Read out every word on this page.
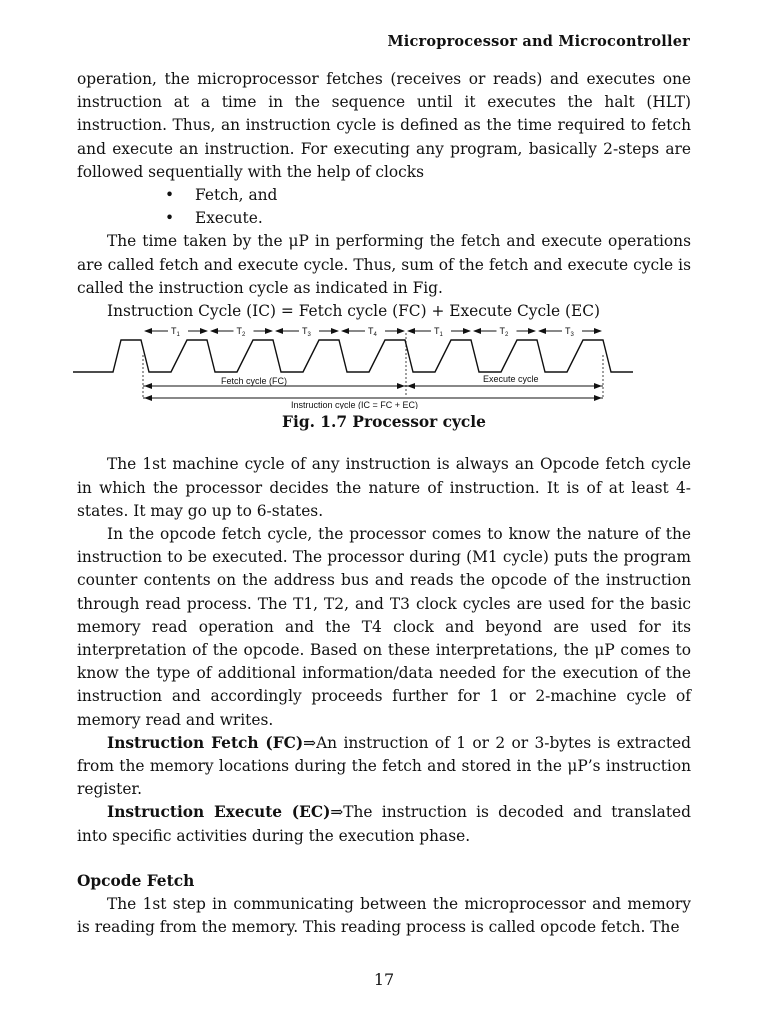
Microprocessor and Microcontroller

operation, the microprocessor fetches (receives or reads) and executes one instruction at a time in the sequence until it executes the halt (HLT) instruction. Thus, an instruction cycle is defined as the time required to fetch and execute an instruction. For executing any program, basically 2-steps are followed sequentially with the help of clocks

• Fetch, and
• Execute.

The time taken by the μP in performing the fetch and execute operations are called fetch and execute cycle. Thus, sum of the fetch and execute cycle is called the instruction cycle as indicated in Fig.

Instruction Cycle (IC) = Fetch cycle (FC) + Execute Cycle (EC)

$T_1$	$T_2$	$T_3$	$T_4$	$T_1$	$T_2$	$T_3$
Fetch cycle (FC)	Execute cycle
Instruction cycle (IC = FC + EC)

Fig. 1.7 Processor cycle

The 1st machine cycle of any instruction is always an Opcode fetch cycle in which the processor decides the nature of instruction. It is of at least 4-states. It may go up to 6-states.

In the opcode fetch cycle, the processor comes to know the nature of the instruction to be executed. The processor during (M1 cycle) puts the program counter contents on the address bus and reads the opcode of the instruction through read process. The T1, T2, and T3 clock cycles are used for the basic memory read operation and the T4 clock and beyond are used for its interpretation of the opcode. Based on these interpretations, the μP comes to know the type of additional information/data needed for the execution of the instruction and accordingly proceeds further for 1 or 2-machine cycle of memory read and writes.

Instruction Fetch (FC)⇒An instruction of 1 or 2 or 3-bytes is extracted from the memory locations during the fetch and stored in the μP’s instruction register.

Instruction Execute (EC)⇒The instruction is decoded and translated into specific activities during the execution phase.

Opcode Fetch

The 1st step in communicating between the microprocessor and memory is reading from the memory. This reading process is called opcode fetch. The

17
